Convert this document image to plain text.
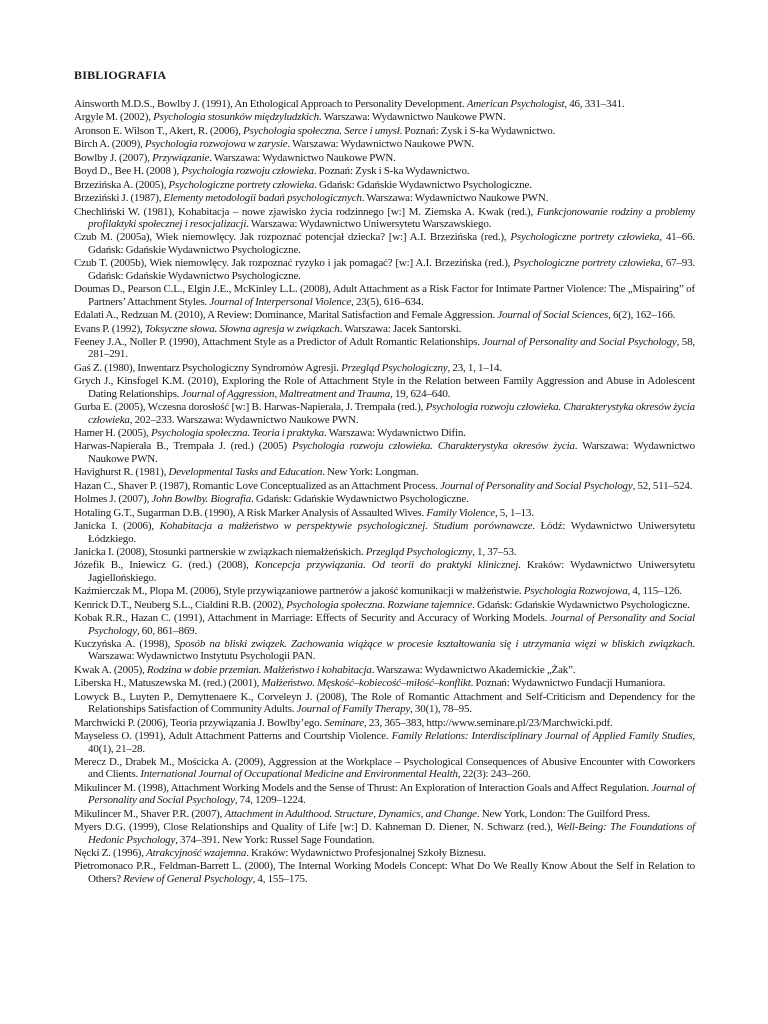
BIBLIOGRAFIA
Ainsworth M.D.S., Bowlby J. (1991), An Ethological Approach to Personality Development. American Psychologist, 46, 331–341.
Argyle M. (2002), Psychologia stosunków międzyludzkich. Warszawa: Wydawnictwo Naukowe PWN.
Aronson E. Wilson T., Akert, R. (2006), Psychologia społeczna. Serce i umysł. Poznań: Zysk i S-ka Wydawnictwo.
Birch A. (2009), Psychologia rozwojowa w zarysie. Warszawa: Wydawnictwo Naukowe PWN.
Bowlby J. (2007), Przywiązanie. Warszawa: Wydawnictwo Naukowe PWN.
Boyd D., Bee H. (2008 ), Psychologia rozwoju człowieka. Poznań: Zysk i S-ka Wydawnictwo.
Brzezińska A. (2005), Psychologiczne portrety człowieka. Gdańsk: Gdańskie Wydawnictwo Psychologiczne.
Brzeziński J. (1987), Elementy metodologii badań psychologicznych. Warszawa: Wydawnictwo Naukowe PWN.
Chechliński W. (1981), Kohabitacja – nowe zjawisko życia rodzinnego [w:] M. Ziemska A. Kwak (red.), Funkcjonowanie rodziny a problemy profilaktyki społecznej i resocjalizacji. Warszawa: Wydawnictwo Uniwersytetu Warszawskiego.
Czub M. (2005a), Wiek niemowlęcy. Jak rozpoznać potencjał dziecka? [w:] A.I. Brzezińska (red.), Psychologiczne portrety człowieka, 41–66. Gdańsk: Gdańskie Wydawnictwo Psychologiczne.
Czub T. (2005b), Wiek niemowlęcy. Jak rozpoznać ryzyko i jak pomagać? [w:] A.I. Brzezińska (red.), Psychologiczne portrety człowieka, 67–93. Gdańsk: Gdańskie Wydawnictwo Psychologiczne.
Doumas D., Pearson C.L., Elgin J.E., McKinley L.L. (2008), Adult Attachment as a Risk Factor for Intimate Partner Violence: The „Mispairing” of Partners’ Attachment Styles. Journal of Interpersonal Violence, 23(5), 616–634.
Edalati A., Redzuan M. (2010), A Review: Dominance, Marital Satisfaction and Female Aggression. Journal of Social Sciences, 6(2), 162–166.
Evans P. (1992), Toksyczne słowa. Słowna agresja w związkach. Warszawa: Jacek Santorski.
Feeney J.A., Noller P. (1990), Attachment Style as a Predictor of Adult Romantic Relationships. Journal of Personality and Social Psychology, 58, 281–291.
Gaś Z. (1980), Inwentarz Psychologiczny Syndromów Agresji. Przegląd Psychologiczny, 23, 1, 1–14.
Grych J., Kinsfogel K.M. (2010), Exploring the Role of Attachment Style in the Relation between Family Aggression and Abuse in Adolescent Dating Relationships. Journal of Aggression, Maltreatment and Trauma, 19, 624–640.
Gurba E. (2005), Wczesna dorosłość [w:] B. Harwas-Napierała, J. Trempała (red.), Psychologia rozwoju człowieka. Charakterystyka okresów życia człowieka, 202–233. Warszawa: Wydawnictwo Naukowe PWN.
Hamer H. (2005), Psychologia społeczna. Teoria i praktyka. Warszawa: Wydawnictwo Difin.
Harwas-Napierała B., Trempała J. (red.) (2005) Psychologia rozwoju człowieka. Charakterystyka okresów życia. Warszawa: Wydawnictwo Naukowe PWN.
Havighurst R. (1981), Developmental Tasks and Education. New York: Longman.
Hazan C., Shaver P. (1987), Romantic Love Conceptualized as an Attachment Process. Journal of Personality and Social Psychology, 52, 511–524.
Holmes J. (2007), John Bowlby. Biografia. Gdańsk: Gdańskie Wydawnictwo Psychologiczne.
Hotaling G.T., Sugarman D.B. (1990), A Risk Marker Analysis of Assaulted Wives. Family Violence, 5, 1–13.
Janicka I. (2006), Kohabitacja a małżeństwo w perspektywie psychologicznej. Studium porównawcze. Łódź: Wydawnictwo Uniwersytetu Łódzkiego.
Janicka I. (2008), Stosunki partnerskie w związkach niemałżeńskich. Przegląd Psychologiczny, 1, 37–53.
Józefik B., Iniewicz G. (red.) (2008), Koncepcja przywiązania. Od teorii do praktyki klinicznej. Kraków: Wydawnictwo Uniwersytetu Jagiellońskiego.
Kaźmierczak M., Plopa M. (2006), Style przywiązaniowe partnerów a jakość komunikacji w małżeństwie. Psychologia Rozwojowa, 4, 115–126.
Kenrick D.T., Neuberg S.L., Cialdini R.B. (2002), Psychologia społeczna. Rozwiane tajemnice. Gdańsk: Gdańskie Wydawnictwo Psychologiczne.
Kobak R.R., Hazan C. (1991), Attachment in Marriage: Effects of Security and Accuracy of Working Models. Journal of Personality and Social Psychology, 60, 861–869.
Kuczyńska A. (1998), Sposób na bliski związek. Zachowania wiążące w procesie kształtowania się i utrzymania więzi w bliskich związkach. Warszawa: Wydawnictwo Instytutu Psychologii PAN.
Kwak A. (2005), Rodzina w dobie przemian. Małżeństwo i kohabitacja. Warszawa: Wydawnictwo Akademickie „Żak”.
Liberska H., Matuszewska M. (red.) (2001), Małżeństwo. Męskość–kobiecość–miłość–konflikt. Poznań: Wydawnictwo Fundacji Humaniora.
Lowyck B., Luyten P., Demyttenaere K., Corveleyn J. (2008), The Role of Romantic Attachment and Self-Criticism and Dependency for the Relationships Satisfaction of Community Adults. Journal of Family Therapy, 30(1), 78–95.
Marchwicki P. (2006), Teoria przywiązania J. Bowlby’ego. Seminare, 23, 365–383, http://www.seminare.pl/23/Marchwicki.pdf.
Mayseless O. (1991), Adult Attachment Patterns and Courtship Violence. Family Relations: Interdisciplinary Journal of Applied Family Studies, 40(1), 21–28.
Merecz D., Drabek M., Mościcka A. (2009), Aggression at the Workplace – Psychological Consequences of Abusive Encounter with Coworkers and Clients. International Journal of Occupational Medicine and Environmental Health, 22(3): 243–260.
Mikulincer M. (1998), Attachment Working Models and the Sense of Thrust: An Exploration of Interaction Goals and Affect Regulation. Journal of Personality and Social Psychology, 74, 1209–1224.
Mikulincer M., Shaver P.R. (2007), Attachment in Adulthood. Structure, Dynamics, and Change. New York, London: The Guilford Press.
Myers D.G. (1999), Close Relationships and Quality of Life [w:] D. Kahneman D. Diener, N. Schwarz (red.), Well-Being: The Foundations of Hedonic Psychology, 374–391. New York: Russel Sage Foundation.
Nęcki Z. (1996), Atrakcyjność wzajemna. Kraków: Wydawnictwo Profesjonalnej Szkoły Biznesu.
Pietromonaco P.R., Feldman-Barrett L. (2000), The Internal Working Models Concept: What Do We Really Know About the Self in Relation to Others? Review of General Psychology, 4, 155–175.
